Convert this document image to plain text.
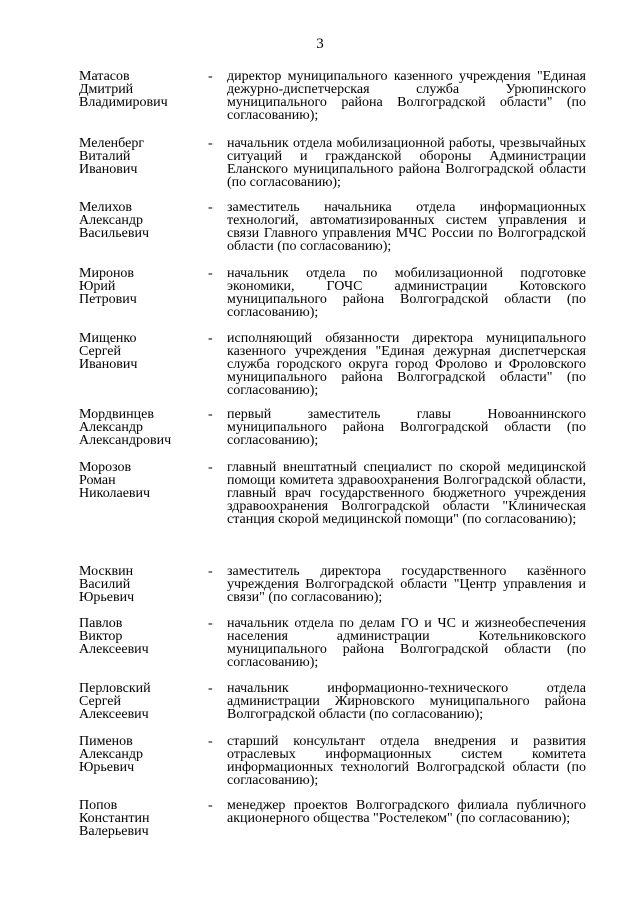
3
Матасов
Дмитрий
Владимирович
-	директор муниципального казенного учреждения "Единая дежурно-диспетчерская служба Урюпинского муниципального района Волгоградской области" (по согласованию);
Меленберг
Виталий
Иванович
-	начальник отдела мобилизационной работы, чрезвычайных ситуаций и гражданской обороны Администрации Еланского муниципального района Волгоградской области (по согласованию);
Мелихов
Александр
Васильевич
-	заместитель начальника отдела информационных технологий, автоматизированных систем управления и связи Главного управления МЧС России по Волгоградской области (по согласованию);
Миронов
Юрий
Петрович
-	начальник отдела по мобилизационной подготовке экономики, ГОЧС администрации Котовского муниципального района Волгоградской области (по согласованию);
Мищенко
Сергей
Иванович
-	исполняющий обязанности директора муниципального казенного учреждения "Единая дежурная диспетчерская служба городского округа город Фролово и Фроловского муниципального района Волгоградской области" (по согласованию);
Мордвинцев
Александр
Александрович
-	первый заместитель главы Новоаннинского муниципального района Волгоградской области (по согласованию);
Морозов
Роман
Николаевич
-	главный внештатный специалист по скорой медицинской помощи комитета здравоохранения Волгоградской области, главный врач государственного бюджетного учреждения здравоохранения Волгоградской области "Клиническая станция скорой медицинской помощи" (по согласованию);
Москвин
Василий
Юрьевич
-	заместитель директора государственного казённого учреждения Волгоградской области "Центр управления и связи" (по согласованию);
Павлов
Виктор
Алексеевич
-	начальник отдела по делам ГО и ЧС и жизнеобеспечения населения администрации Котельниковского муниципального района Волгоградской области (по согласованию);
Перловский
Сергей
Алексеевич
-	начальник информационно-технического отдела администрации Жирновского муниципального района Волгоградской области (по согласованию);
Пименов
Александр
Юрьевич
-	старший консультант отдела внедрения и развития отраслевых информационных систем комитета информационных технологий Волгоградской области (по согласованию);
Попов
Константин
Валерьевич
-	менеджер проектов Волгоградского филиала публичного акционерного общества "Ростелеком" (по согласованию);
